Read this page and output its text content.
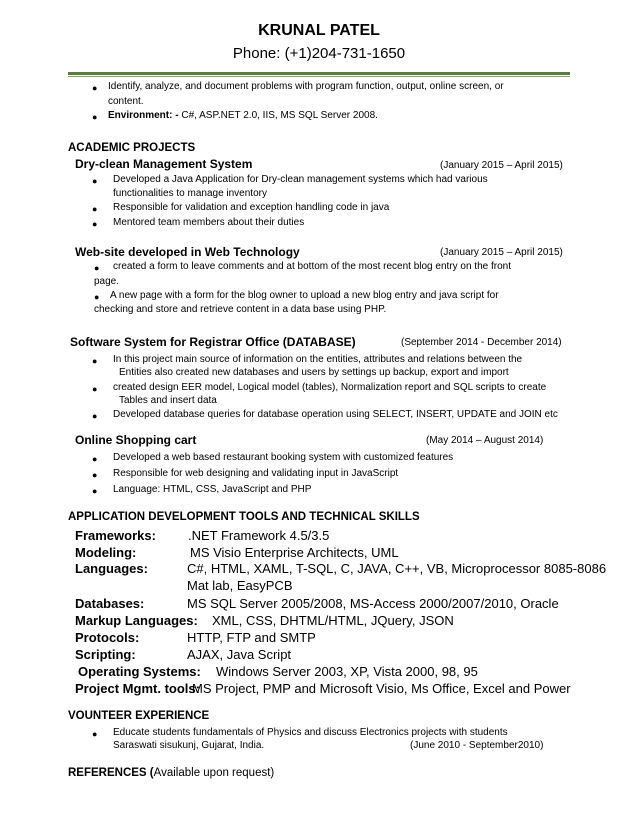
KRUNAL PATEL
Phone: (+1)204-731-1650
● Identify, analyze, and document problems with program function, output, online screen, or
content.
● Environment: - C#, ASP.NET 2.0, IIS, MS SQL Server 2008.
ACADEMIC PROJECTS
Dry-clean Management System	(January 2015 – April 2015)
● Developed a Java Application for Dry-clean management systems which had various
functionalities to manage inventory
● Responsible for validation and exception handling code in java
● Mentored team members about their duties
Web-site developed in Web Technology	(January 2015 – April 2015)
● created a form to leave comments and at bottom of the most recent blog entry on the front
page.
● A new page with a form for the blog owner to upload a new blog entry and java script for
checking and store and retrieve content in a data base using PHP.
Software System for Registrar Office (DATABASE)	(September 2014 - December 2014)
● In this project main source of information on the entities, attributes and relations between the
Entities also created new databases and users by settings up backup, export and import
● created design EER model, Logical model (tables), Normalization report and SQL scripts to create
Tables and insert data
● Developed database queries for database operation using SELECT, INSERT, UPDATE and JOIN etc
Online Shopping cart	(May 2014 – August 2014)
● Developed a web based restaurant booking system with customized features
● Responsible for web designing and validating input in JavaScript
● Language: HTML, CSS, JavaScript and PHP
APPLICATION DEVELOPMENT TOOLS AND TECHNICAL SKILLS
Frameworks: .NET Framework 4.5/3.5
Modeling:	MS Visio Enterprise Architects, UML
Languages:	C#, HTML, XAML, T-SQL, C, JAVA, C++, VB, Microprocessor 8085-8086
Mat lab, EasyPCB
Databases:	MS SQL Server 2005/2008, MS-Access 2000/2007/2010, Oracle
Markup Languages: XML, CSS, DHTML/HTML, JQuery, JSON
Protocols:	HTTP, FTP and SMTP
Scripting:	AJAX, Java Script
Operating Systems: Windows Server 2003, XP, Vista 2000, 98, 95
Project Mgmt. tools:
MS Project, PMP and Microsoft Visio, Ms Office, Excel and Power
VOUNTEER EXPERIENCE
● Educate students fundamentals of Physics and discuss Electronics projects with students
Saraswati sisukunj, Gujarat, India.	(June 2010 - September2010)
REFERENCES (Available upon request)
